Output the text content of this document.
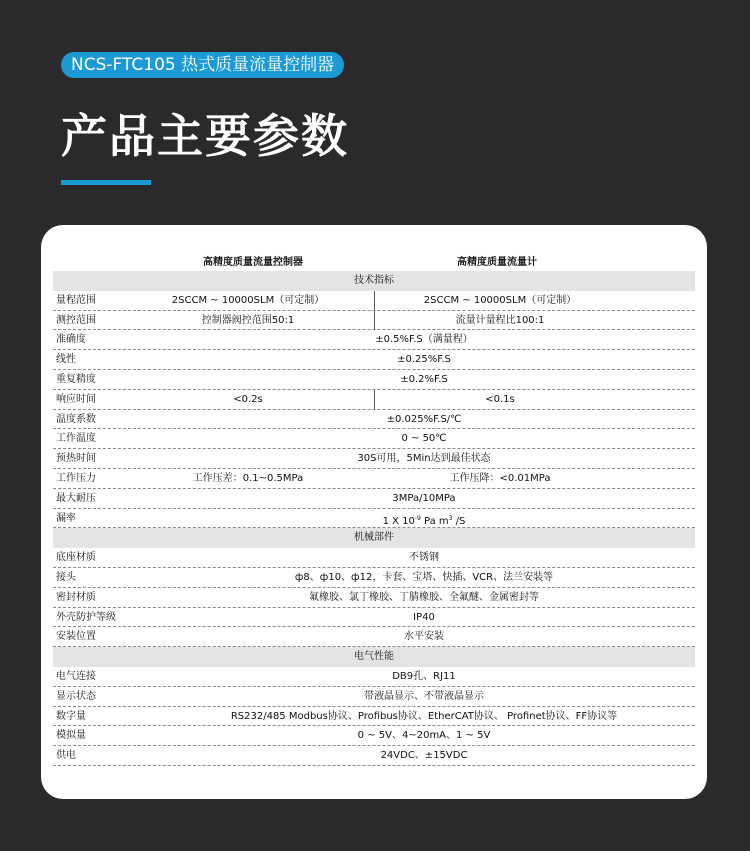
NCS-FTC105 热式质量流量控制器
产品主要参数
高精度质量流量控制器	高精度质量流量计
技术指标
量程范围	2SCCM ~ 10000SLM（可定制）	2SCCM ~ 10000SLM（可定制）
测控范围	控制器阀控范围50:1	流量计量程比100:1
准确度	±0.5%F.S（满量程）
线性	±0.25%F.S
重复精度	±0.2%F.S
响应时间	<0.2s	<0.1s
温度系数	±0.025%F.S/℃
工作温度	0 ~ 50℃
预热时间	30S可用，5Min达到最佳状态
工作压力	工作压差：0.1~0.5MPa	工作压降：<0.01MPa
最大耐压	3MPa/10MPa
漏率	1 X $10^{-9}$ Pa $m^3$ /S
机械部件
底座材质	不锈钢
接头	ф8、ф10、ф12，卡套、宝塔、快插、VCR、法兰安装等
密封材质	氟橡胶、氯丁橡胶、丁腈橡胶、全氟醚、金属密封等
外壳防护等级	IP40
安装位置	水平安装
电气性能
电气连接	DB9孔、RJ11
显示状态	带液晶显示、不带液晶显示
数字量	RS232/485 Modbus协议、Profibus协议、EtherCAT协议、 Profinet协议、FF协议等
模拟量	0 ~ 5V、4~20mA、1 ~ 5V
供电	24VDC、±15VDC
